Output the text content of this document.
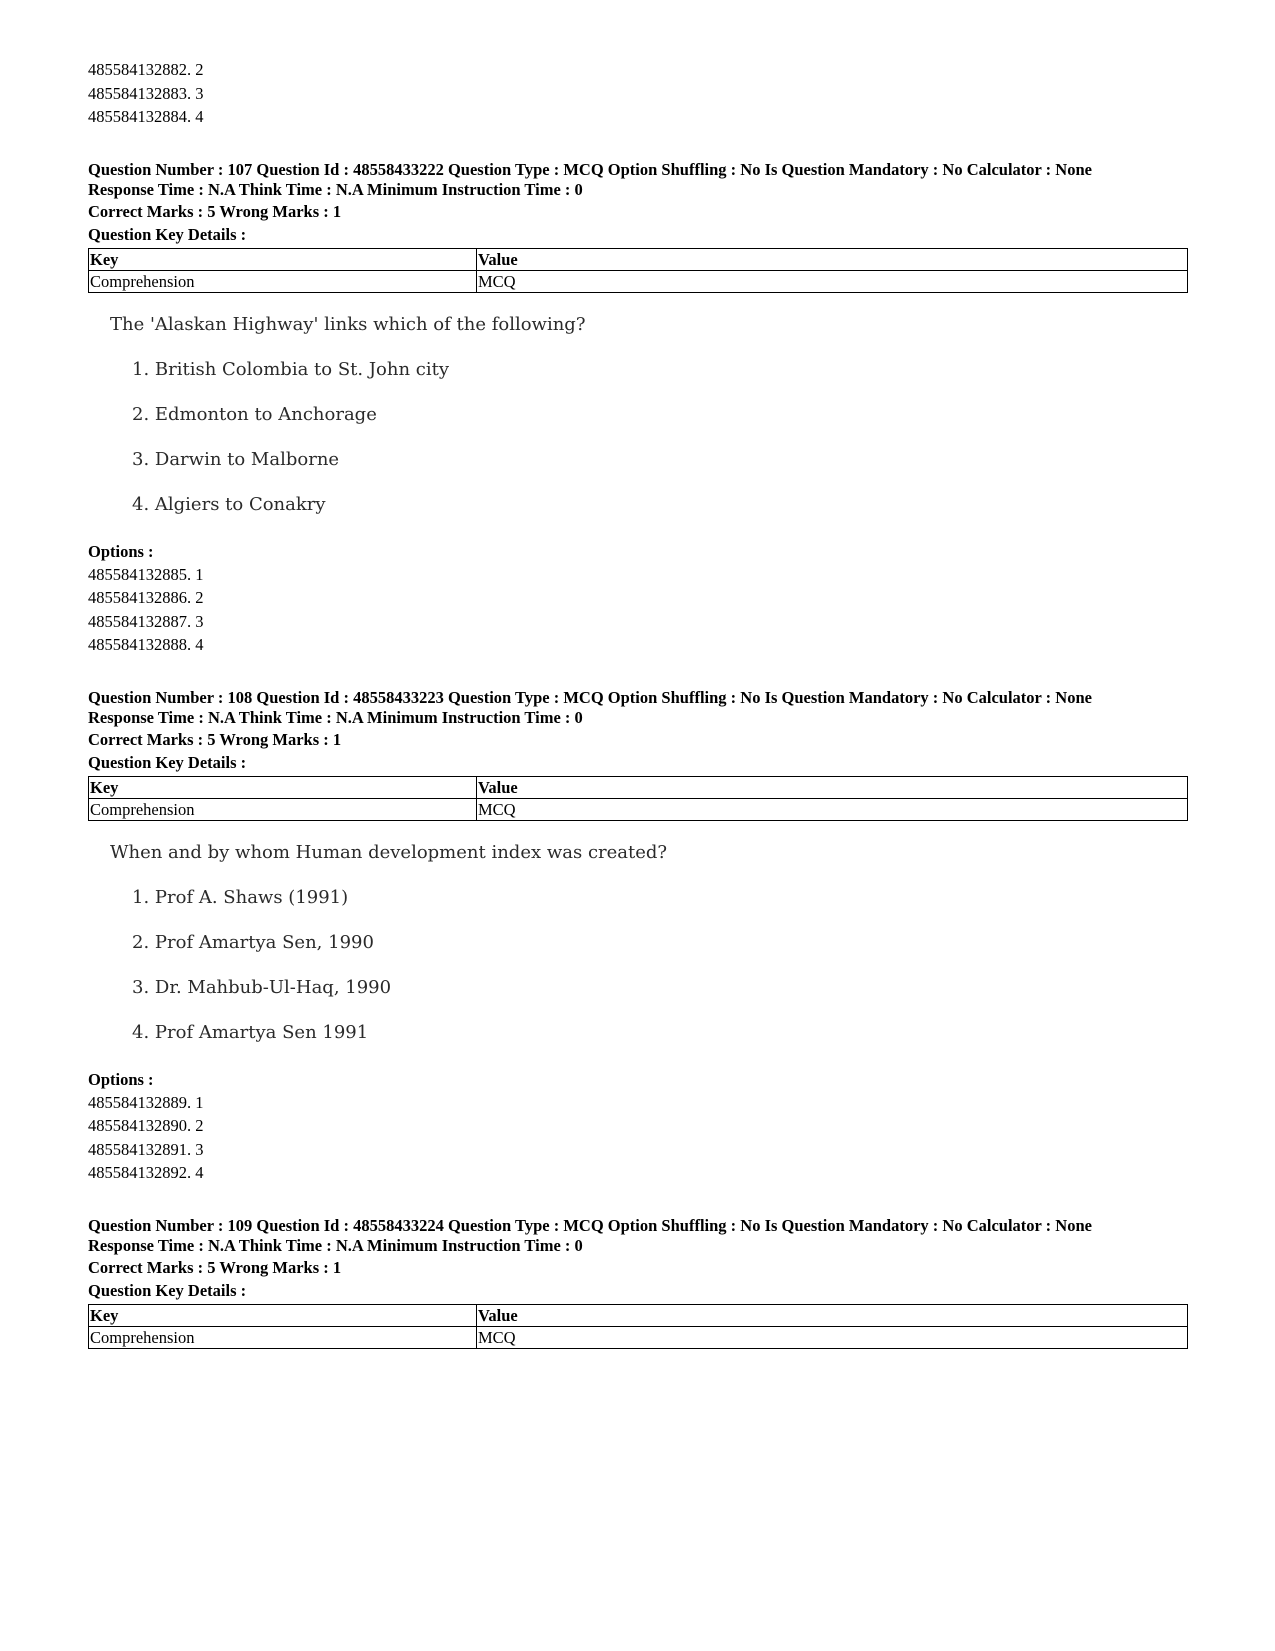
485584132882. 2
485584132883. 3
485584132884. 4
Question Number : 107 Question Id : 48558433222 Question Type : MCQ Option Shuffling : No Is Question Mandatory : No Calculator : None
Response Time : N.A Think Time : N.A Minimum Instruction Time : 0
Correct Marks : 5 Wrong Marks : 1
Question Key Details :
Key	Value
Comprehension	MCQ
The 'Alaskan Highway' links which of the following?
1. British Colombia to St. John city
2. Edmonton to Anchorage
3. Darwin to Malborne
4. Algiers to Conakry
Options :
485584132885. 1
485584132886. 2
485584132887. 3
485584132888. 4
Question Number : 108 Question Id : 48558433223 Question Type : MCQ Option Shuffling : No Is Question Mandatory : No Calculator : None
Response Time : N.A Think Time : N.A Minimum Instruction Time : 0
Correct Marks : 5 Wrong Marks : 1
Question Key Details :
Key	Value
Comprehension	MCQ
When and by whom Human development index was created?
1. Prof A. Shaws (1991)
2. Prof Amartya Sen, 1990
3. Dr. Mahbub-Ul-Haq, 1990
4. Prof Amartya Sen 1991
Options :
485584132889. 1
485584132890. 2
485584132891. 3
485584132892. 4
Question Number : 109 Question Id : 48558433224 Question Type : MCQ Option Shuffling : No Is Question Mandatory : No Calculator : None
Response Time : N.A Think Time : N.A Minimum Instruction Time : 0
Correct Marks : 5 Wrong Marks : 1
Question Key Details :
Key	Value
Comprehension	MCQ
